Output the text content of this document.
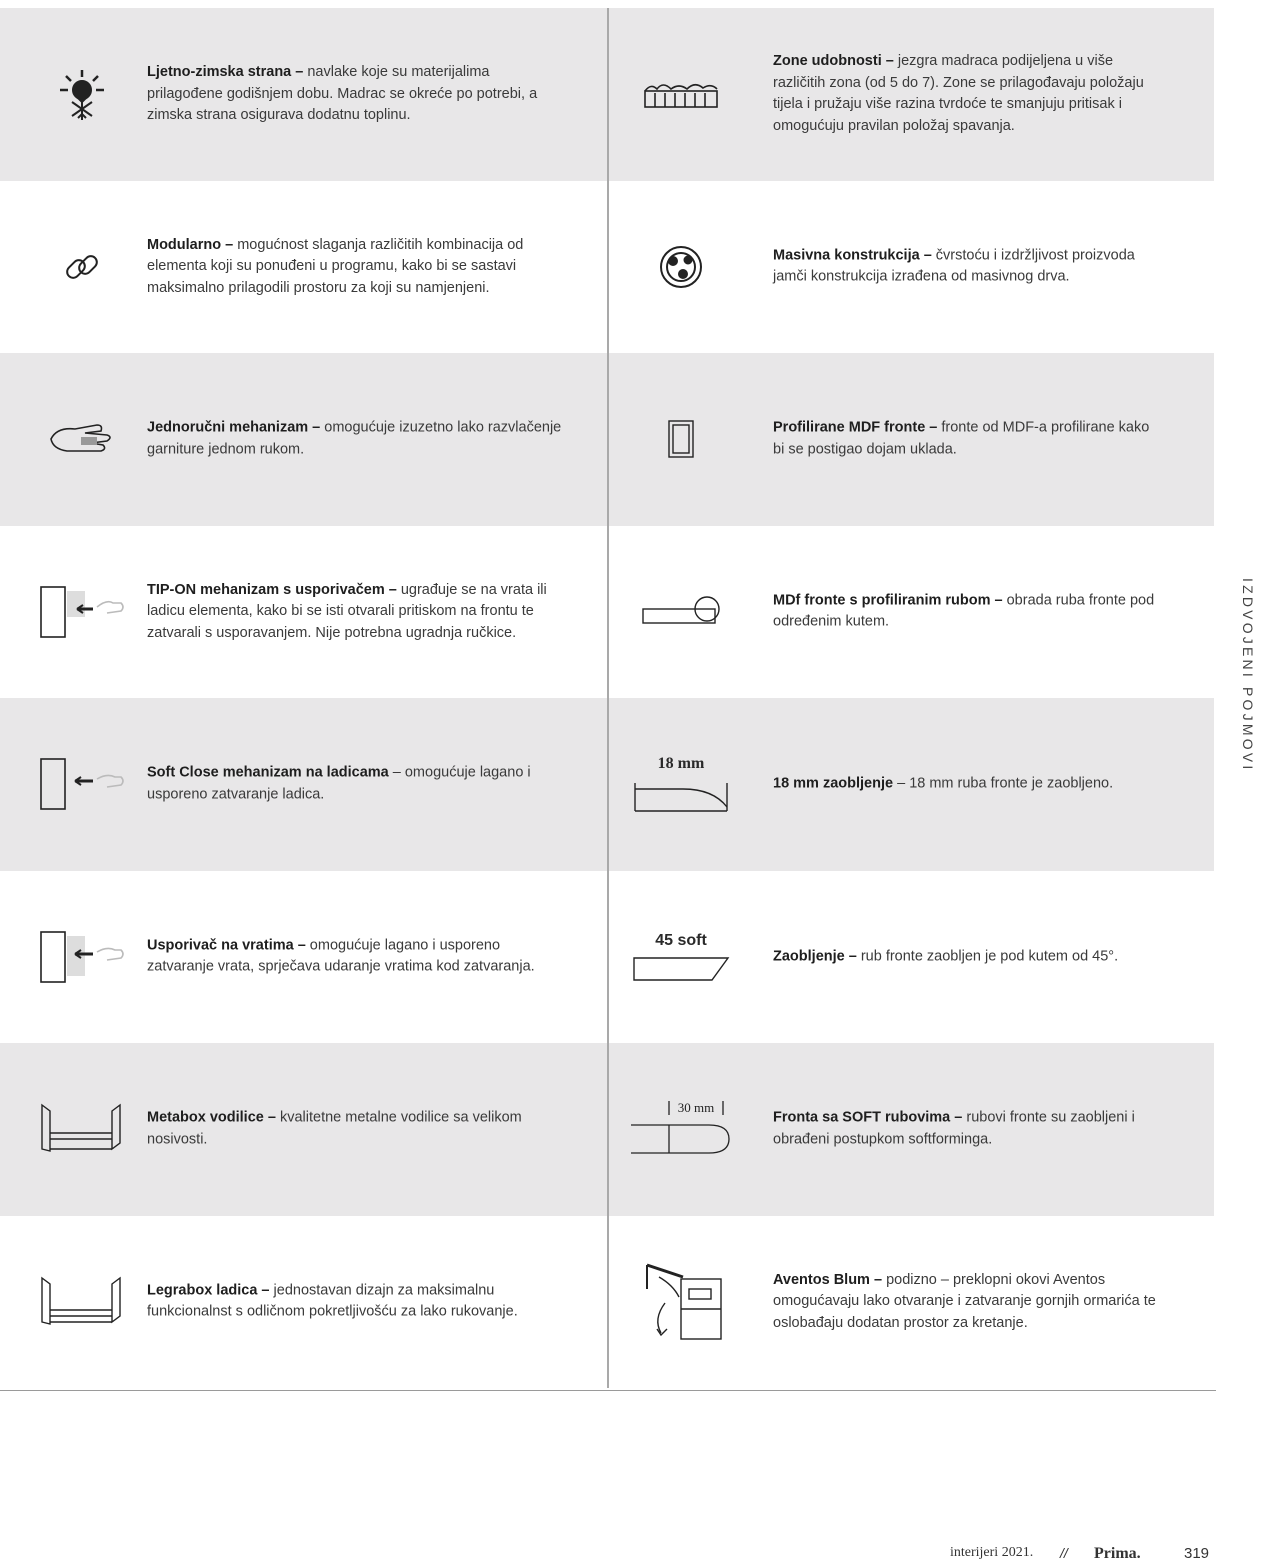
Ljetno-zimska strana – navlake koje su materijalima prilagođene godišnjem dobu. Madrac se okreće po potrebi, a zimska strana osigurava dodatnu toplinu.
Zone udobnosti – jezgra madraca podijeljena u više različitih zona (od 5 do 7). Zone se prilagođavaju položaju tijela i pružaju više razina tvrdoće te smanjuju pritisak i omogućuju pravilan položaj spavanja.
Modularno – mogućnost slaganja različitih kombinacija od elementa koji su ponuđeni u programu, kako bi se sastavi maksimalno prilagodili prostoru za koji su namjenjeni.
Masivna konstrukcija – čvrstoću i izdržljivost proizvoda jamči konstrukcija izrađena od masivnog drva.
Jednoručni mehanizam – omogućuje izuzetno lako razvlačenje garniture jednom rukom.
Profilirane MDF fronte – fronte od MDF-a profilirane kako bi se postigao dojam uklada.
TIP-ON mehanizam s usporivačem – ugrađuje se na vrata ili ladicu elementa, kako bi se isti otvarali pritiskom na frontu te zatvarali s usporavanjem. Nije potrebna ugradnja ručkice.
MDf fronte s profiliranim rubom – obrada ruba fronte pod određenim kutem.
Soft Close mehanizam na ladicama – omogućuje lagano i usporeno zatvaranje ladica.
18 mm
18 mm zaobljenje – 18 mm ruba fronte je zaobljeno.
Usporivač na vratima – omogućuje lagano i usporeno zatvaranje vrata, sprječava udaranje vratima kod zatvaranja.
45 soft
Zaobljenje – rub fronte zaobljen je pod kutem od 45°.
Metabox vodilice – kvalitetne metalne vodilice sa velikom nosivosti.
30 mm
Fronta sa SOFT rubovima – rubovi fronte su zaobljeni i obrađeni postupkom softforminga.
Legrabox ladica – jednostavan dizajn za maksimalnu funkcionalnst s odličnom pokretljivošću za lako rukovanje.
Aventos Blum – podizno – preklopni okovi Aventos omogućavaju lako otvaranje i zatvaranje gornjih ormarića te oslobađaju dodatan prostor za kretanje.
IZDVOJENI POJMOVI
interijeri 2021. // Prima.	319
